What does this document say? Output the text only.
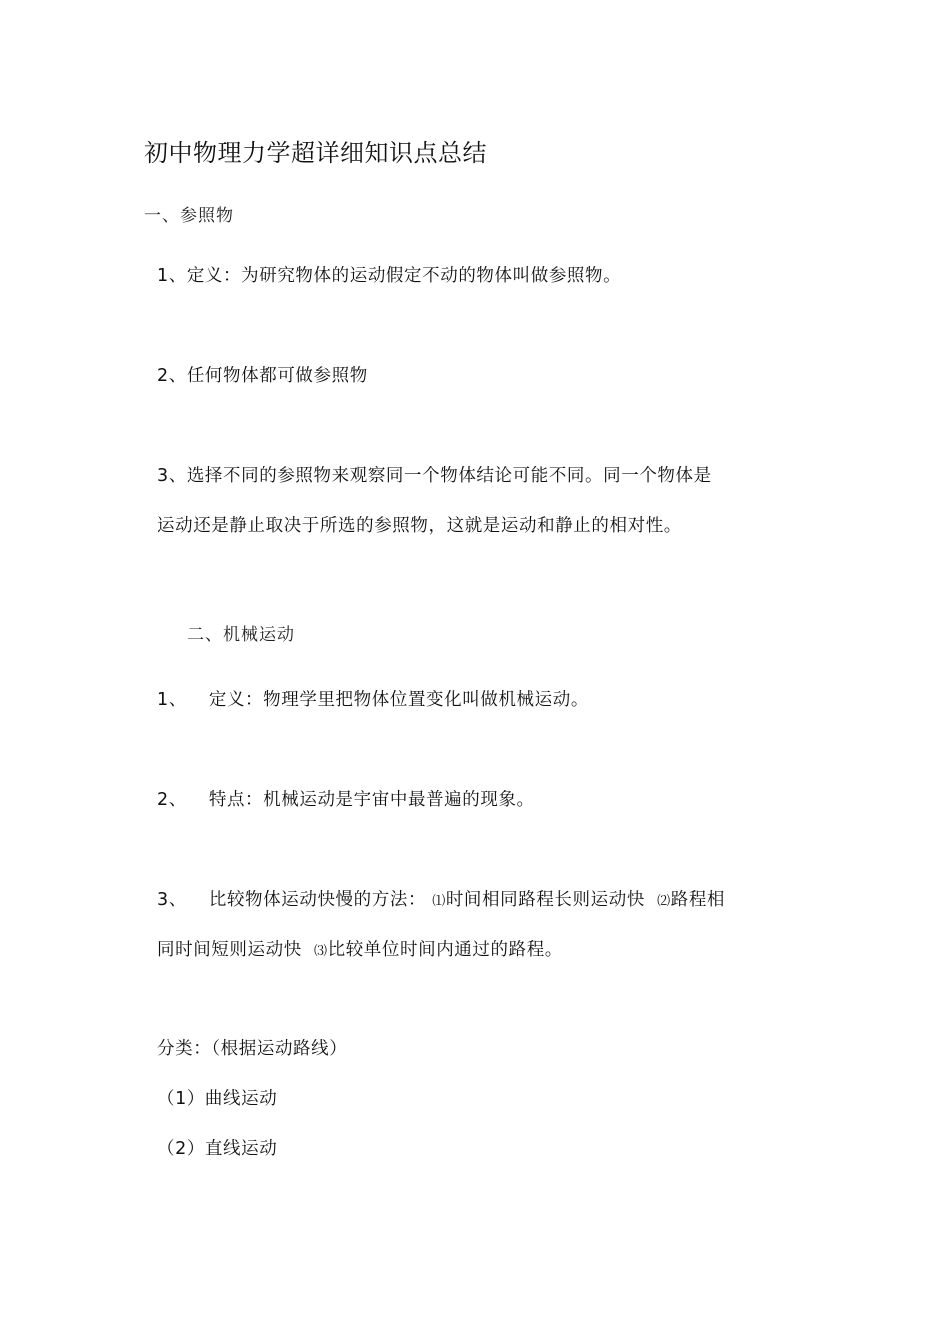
初中物理力学超详细知识点总结
一、参照物
1、定义：为研究物体的运动假定不动的物体叫做参照物。
2、任何物体都可做参照物
3、选择不同的参照物来观察同一个物体结论可能不同。同一个物体是
运动还是静止取决于所选的参照物，这就是运动和静止的相对性。
二、机械运动
1、 定义：物理学里把物体位置变化叫做机械运动。
2、 特点：机械运动是宇宙中最普遍的现象。
3、 比较物体运动快慢的方法： ⑴时间相同路程长则运动快 ⑵路程相
同时间短则运动快 ⑶比较单位时间内通过的路程。
分类：（根据运动路线）
（1）曲线运动
（2）直线运动
